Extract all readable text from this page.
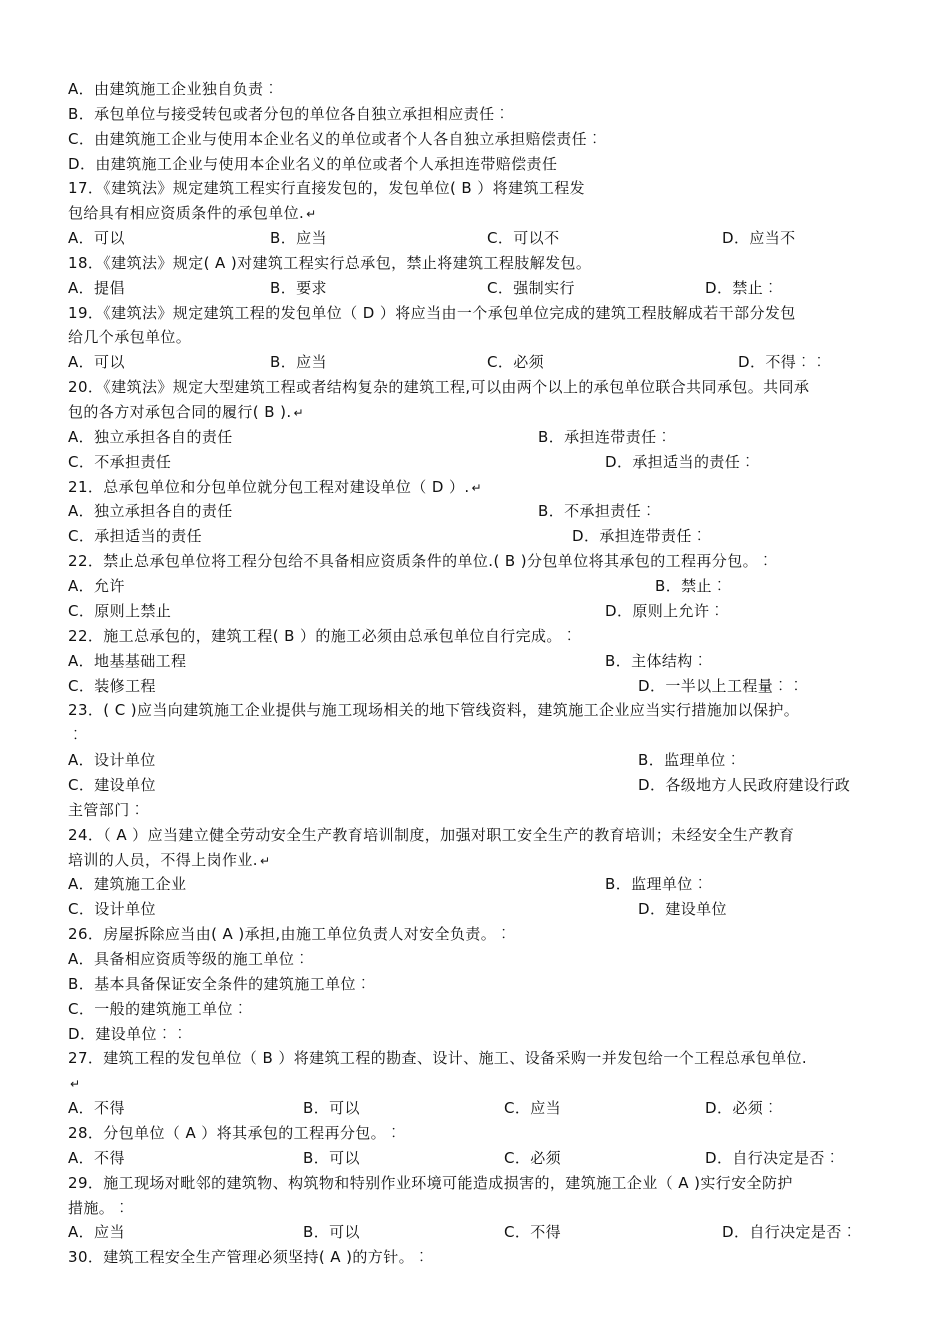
A．由建筑施工企业独自负责︰
B．承包单位与接受转包或者分包的单位各自独立承担相应责任︰
C．由建筑施工企业与使用本企业名义的单位或者个人各自独立承担赔偿责任︰
D．由建筑施工企业与使用本企业名义的单位或者个人承担连带赔偿责任
17．《建筑法》规定建筑工程实行直接发包的，发包单位( B ）将建筑工程发
包给具有相应资质条件的承包单位. ↵
A．可以	B．应当	C．可以不	D．应当不
18．《建筑法》规定( A )对建筑工程实行总承包，禁止将建筑工程肢解发包。
A．提倡	B．要求	C．强制实行	D．禁止︰
19．《建筑法》规定建筑工程的发包单位（ D ）将应当由一个承包单位完成的建筑工程肢解成若干部分发包
给几个承包单位。
A．可以	B．应当	C．必须	D．不得︰︰
20．《建筑法》规定大型建筑工程或者结构复杂的建筑工程,可以由两个以上的承包单位联合共同承包。共同承
包的各方对承包合同的履行( B ). ↵
A．独立承担各自的责任	B．承担连带责任︰
C．不承担责任	D．承担适当的责任︰
21．总承包单位和分包单位就分包工程对建设单位（ D ）. ↵
A．独立承担各自的责任	B．不承担责任︰
C．承担适当的责任	D．承担连带责任︰
22．禁止总承包单位将工程分包给不具备相应资质条件的单位.( B )分包单位将其承包的工程再分包。︰
A．允许	B．禁止︰
C．原则上禁止	D．原则上允许︰
22．施工总承包的，建筑工程( B ）的施工必须由总承包单位自行完成。︰
A．地基基础工程	B．主体结构︰
C．装修工程	D．一半以上工程量︰︰
23．( C )应当向建筑施工企业提供与施工现场相关的地下管线资料，建筑施工企业应当实行措施加以保护。
︰
A．设计单位	B．监理单位︰
C．建设单位	D．各级地方人民政府建设行政
主管部门︰
24．（ A ）应当建立健全劳动安全生产教育培训制度，加强对职工安全生产的教育培训；未经安全生产教育
培训的人员，不得上岗作业. ↵
A．建筑施工企业	B．监理单位︰
C．设计单位	D．建设单位
26．房屋拆除应当由( A )承担,由施工单位负责人对安全负责。︰
A．具备相应资质等级的施工单位︰
B．基本具备保证安全条件的建筑施工单位︰
C．一般的建筑施工单位︰
D．建设单位︰︰
27．建筑工程的发包单位（ B ）将建筑工程的勘查、设计、施工、设备采购一并发包给一个工程总承包单位.
↵
A．不得	B．可以	C．应当	D．必须︰
28．分包单位（ A ）将其承包的工程再分包。︰
A．不得	B．可以	C．必须	D．自行决定是否︰
29．施工现场对毗邻的建筑物、构筑物和特别作业环境可能造成损害的，建筑施工企业（ A )实行安全防护
措施。︰
A．应当	B．可以	C．不得	D．自行决定是否︰
30．建筑工程安全生产管理必须坚持( A )的方针。︰
